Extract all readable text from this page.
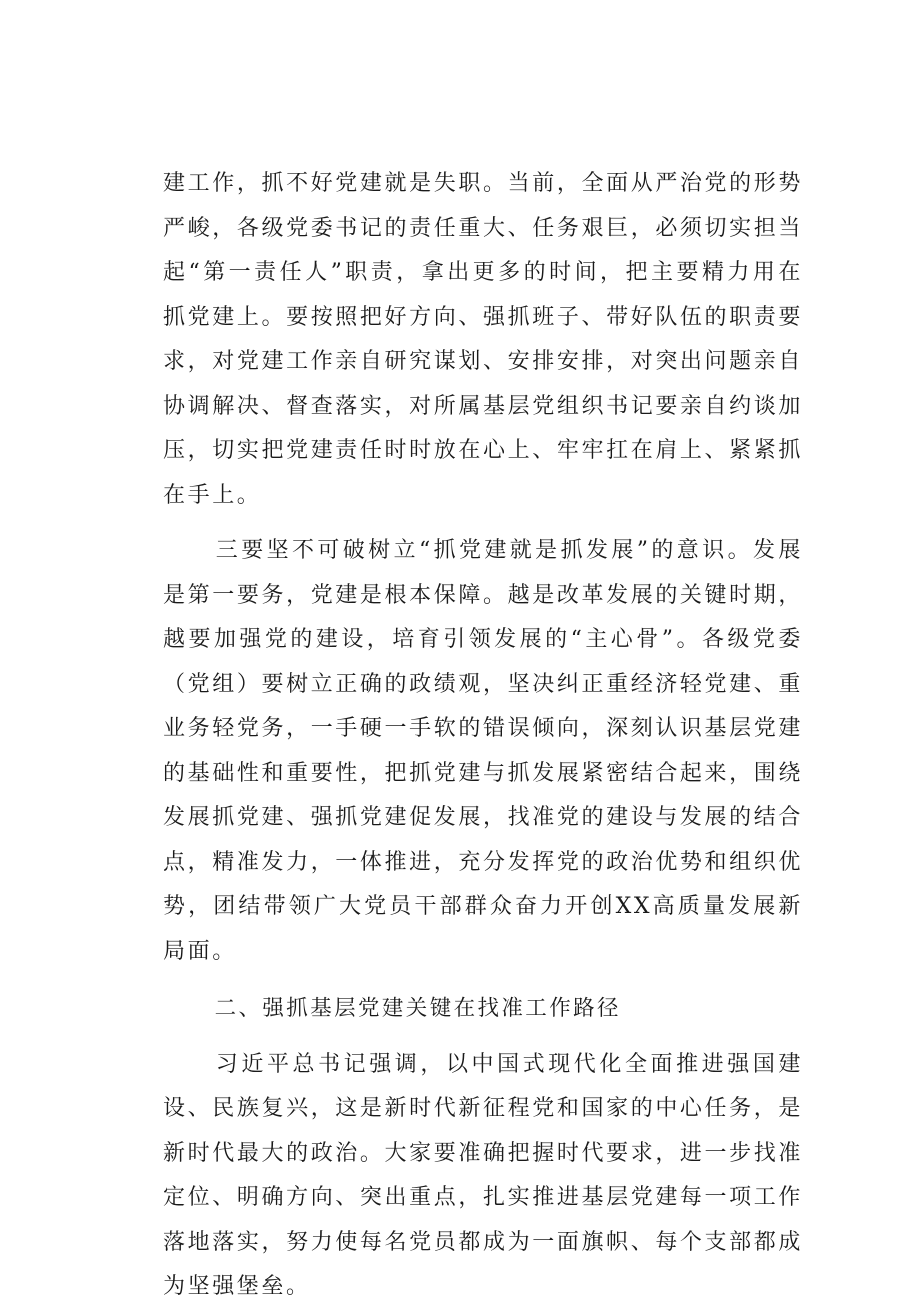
建工作，抓不好党建就是失职。当前，全面从严治党的形势严峻，各级党委书记的责任重大、任务艰巨，必须切实担当起“第一责任人”职责，拿出更多的时间，把主要精力用在抓党建上。要按照把好方向、强抓班子、带好队伍的职责要求，对党建工作亲自研究谋划、安排安排，对突出问题亲自协调解决、督查落实，对所属基层党组织书记要亲自约谈加压，切实把党建责任时时放在心上、牢牢扛在肩上、紧紧抓在手上。

三要坚不可破树立“抓党建就是抓发展”的意识。发展是第一要务，党建是根本保障。越是改革发展的关键时期，越要加强党的建设，培育引领发展的“主心骨”。各级党委（党组）要树立正确的政绩观，坚决纠正重经济轻党建、重业务轻党务，一手硬一手软的错误倾向，深刻认识基层党建的基础性和重要性，把抓党建与抓发展紧密结合起来，围绕发展抓党建、强抓党建促发展，找准党的建设与发展的结合点，精准发力，一体推进，充分发挥党的政治优势和组织优势，团结带领广大党员干部群众奋力开创XX高质量发展新局面。

二、强抓基层党建关键在找准工作路径

习近平总书记强调，以中国式现代化全面推进强国建设、民族复兴，这是新时代新征程党和国家的中心任务，是新时代最大的政治。大家要准确把握时代要求，进一步找准定位、明确方向、突出重点，扎实推进基层党建每一项工作落地落实，努力使每名党员都成为一面旗帜、每个支部都成为坚强堡垒。
